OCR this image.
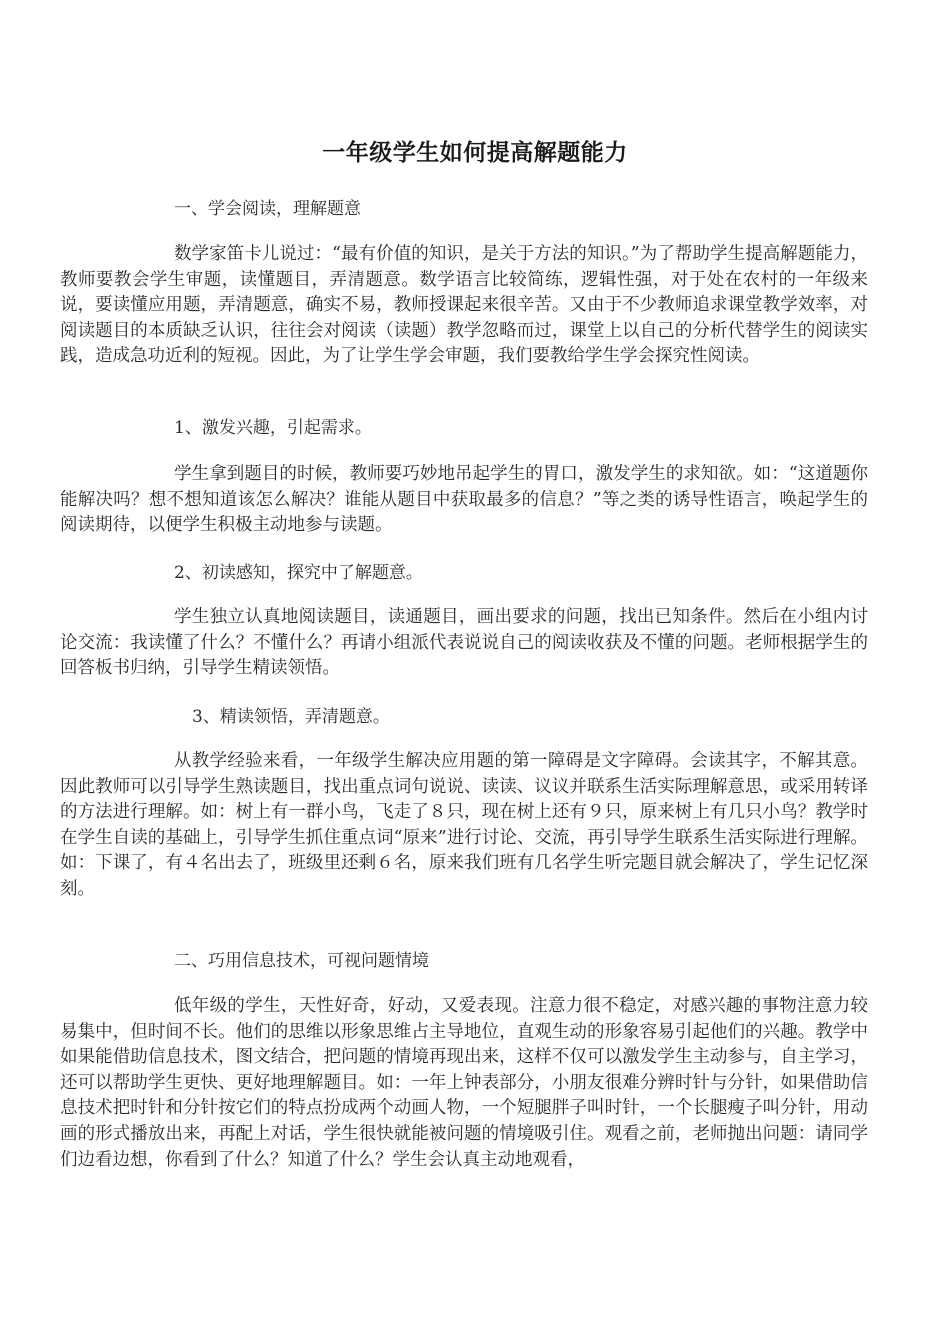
一年级学生如何提高解题能力
一、学会阅读，理解题意
数学家笛卡儿说过：“最有价值的知识，是关于方法的知识。”为了帮助学生提高解题能力，教师要教会学生审题，读懂题目，弄清题意。数学语言比较简练，逻辑性强，对于处在农村的一年级来说，要读懂应用题，弄清题意，确实不易，教师授课起来很辛苦。又由于不少教师追求课堂教学效率，对阅读题目的本质缺乏认识，往往会对阅读（读题）教学忽略而过，课堂上以自己的分析代替学生的阅读实践，造成急功近利的短视。因此，为了让学生学会审题，我们要教给学生学会探究性阅读。
1、激发兴趣，引起需求。
学生拿到题目的时候，教师要巧妙地吊起学生的胃口，激发学生的求知欲。如：“这道题你能解决吗？想不想知道该怎么解决？谁能从题目中获取最多的信息？”等之类的诱导性语言，唤起学生的阅读期待，以便学生积极主动地参与读题。
2、初读感知，探究中了解题意。
学生独立认真地阅读题目，读通题目，画出要求的问题，找出已知条件。然后在小组内讨论交流：我读懂了什么？不懂什么？再请小组派代表说说自己的阅读收获及不懂的问题。老师根据学生的回答板书归纳，引导学生精读领悟。
3、精读领悟，弄清题意。
从教学经验来看，一年级学生解决应用题的第一障碍是文字障碍。会读其字，不解其意。因此教师可以引导学生熟读题目，找出重点词句说说、读读、议议并联系生活实际理解意思，或采用转译的方法进行理解。如：树上有一群小鸟，飞走了８只，现在树上还有９只，原来树上有几只小鸟？教学时在学生自读的基础上，引导学生抓住重点词“原来”进行讨论、交流，再引导学生联系生活实际进行理解。如：下课了，有４名出去了，班级里还剩６名，原来我们班有几名学生听完题目就会解决了，学生记忆深刻。
二、巧用信息技术，可视问题情境
低年级的学生，天性好奇，好动，又爱表现。注意力很不稳定，对感兴趣的事物注意力较易集中，但时间不长。他们的思维以形象思维占主导地位，直观生动的形象容易引起他们的兴趣。教学中如果能借助信息技术，图文结合，把问题的情境再现出来，这样不仅可以激发学生主动参与，自主学习，还可以帮助学生更快、更好地理解题目。如：一年上钟表部分，小朋友很难分辨时针与分针，如果借助信息技术把时针和分针按它们的特点扮成两个动画人物，一个短腿胖子叫时针，一个长腿瘦子叫分针，用动画的形式播放出来，再配上对话，学生很快就能被问题的情境吸引住。观看之前，老师抛出问题：请同学们边看边想，你看到了什么？知道了什么？学生会认真主动地观看，
